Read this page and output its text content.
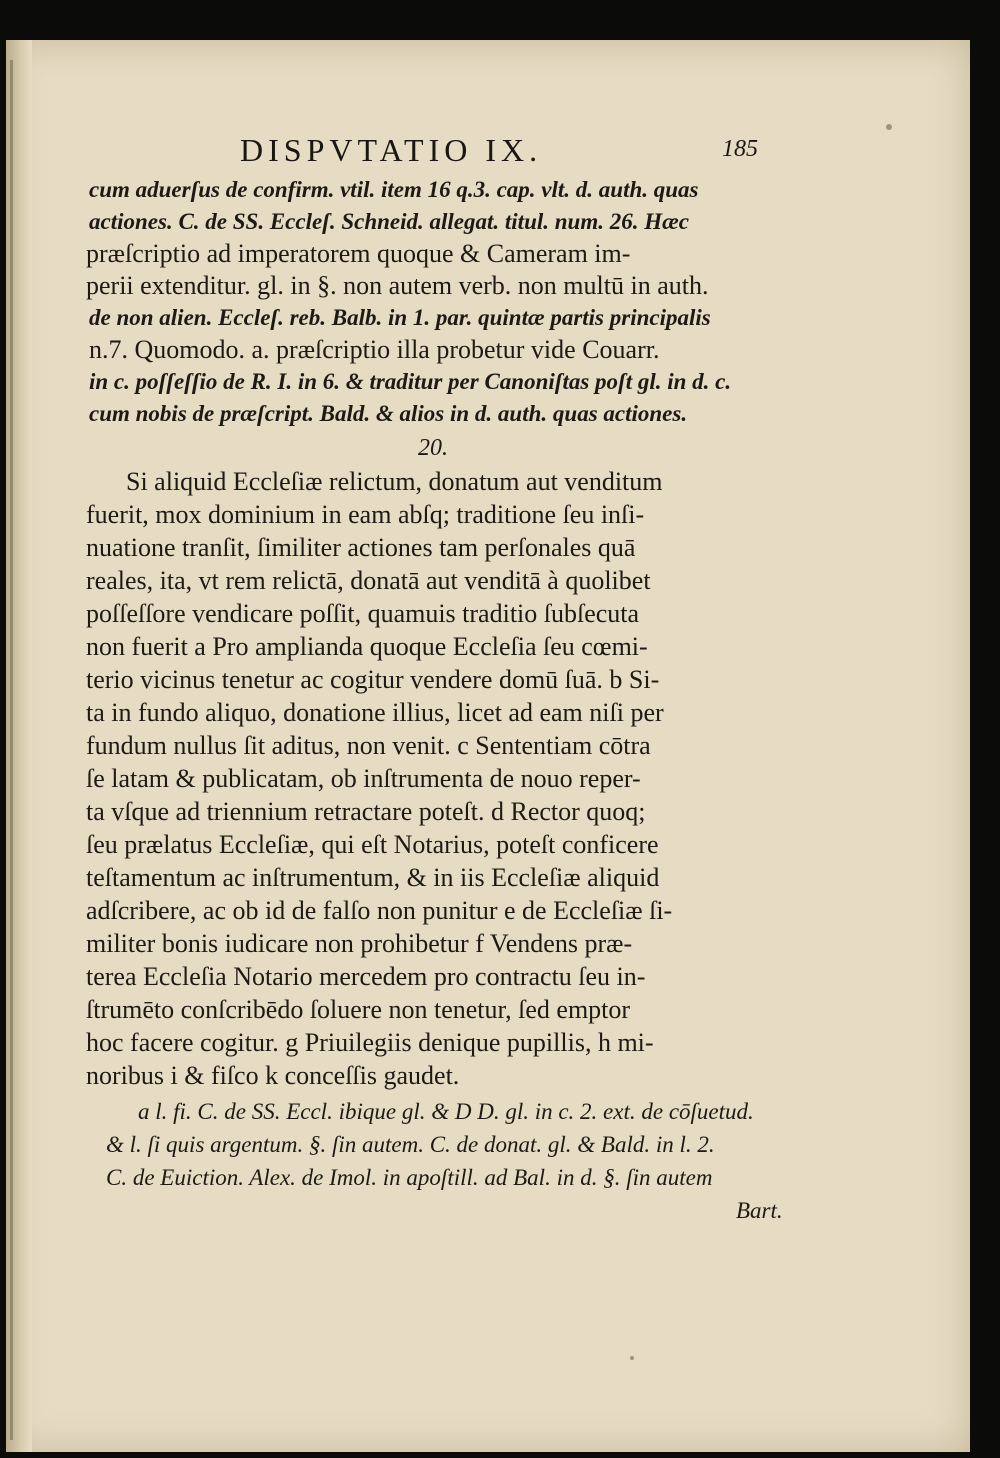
DISPVTATIO IX.	185
cum aduerſus de confirm. vtil. item 16 q.3. cap. vlt. d. auth. quas
actiones. C. de SS. Eccleſ. Schneid. allegat. titul. num. 26. Hæc
præſcriptio ad imperatorem quoque & Cameram im-
perii extenditur. gl. in §. non autem verb. non multū in auth.
de non alien. Eccleſ. reb. Balb. in 1. par. quintæ partis principalis
n.7. Quomodo. a. præſcriptio illa probetur vide Couarr.
in c. poſſeſſio de R. I. in 6. & traditur per Canoniſtas poſt gl. in d. c.
cum nobis de præſcript. Bald. & alios in d. auth. quas actiones.
20.
Si aliquid Eccleſiæ relictum, donatum aut venditum
fuerit, mox dominium in eam abſq; traditione ſeu inſi-
nuatione tranſit, ſimiliter actiones tam perſonales quā
reales, ita, vt rem relictā, donatā aut venditā à quolibet
poſſeſſore vendicare poſſit, quamuis traditio ſubſecuta
non fuerit a Pro amplianda quoque Eccleſia ſeu cœmi-
terio vicinus tenetur ac cogitur vendere domū ſuā. b Si-
ta in fundo aliquo, donatione illius, licet ad eam niſi per
fundum nullus ſit aditus, non venit. c Sententiam cōtra
ſe latam & publicatam, ob inſtrumenta de nouo reper-
ta vſque ad triennium retractare poteſt. d Rector quoq;
ſeu prælatus Eccleſiæ, qui eſt Notarius, poteſt conficere
teſtamentum ac inſtrumentum, & in iis Eccleſiæ aliquid
adſcribere, ac ob id de falſo non punitur e de Eccleſiæ ſi-
militer bonis iudicare non prohibetur f Vendens præ-
terea Eccleſia Notario mercedem pro contractu ſeu in-
ſtrumēto conſcribēdo ſoluere non tenetur, ſed emptor
hoc facere cogitur. g Priuilegiis denique pupillis, h mi-
noribus i & fiſco k conceſſis gaudet.
a l. fi. C. de SS. Eccl. ibique gl. & D D. gl. in c. 2. ext. de cōſuetud.
& l. ſi quis argentum. §. ſin autem. C. de donat. gl. & Bald. in l. 2.
C. de Euiction. Alex. de Imol. in apoſtill. ad Bal. in d. §. ſin autem
Bart.
